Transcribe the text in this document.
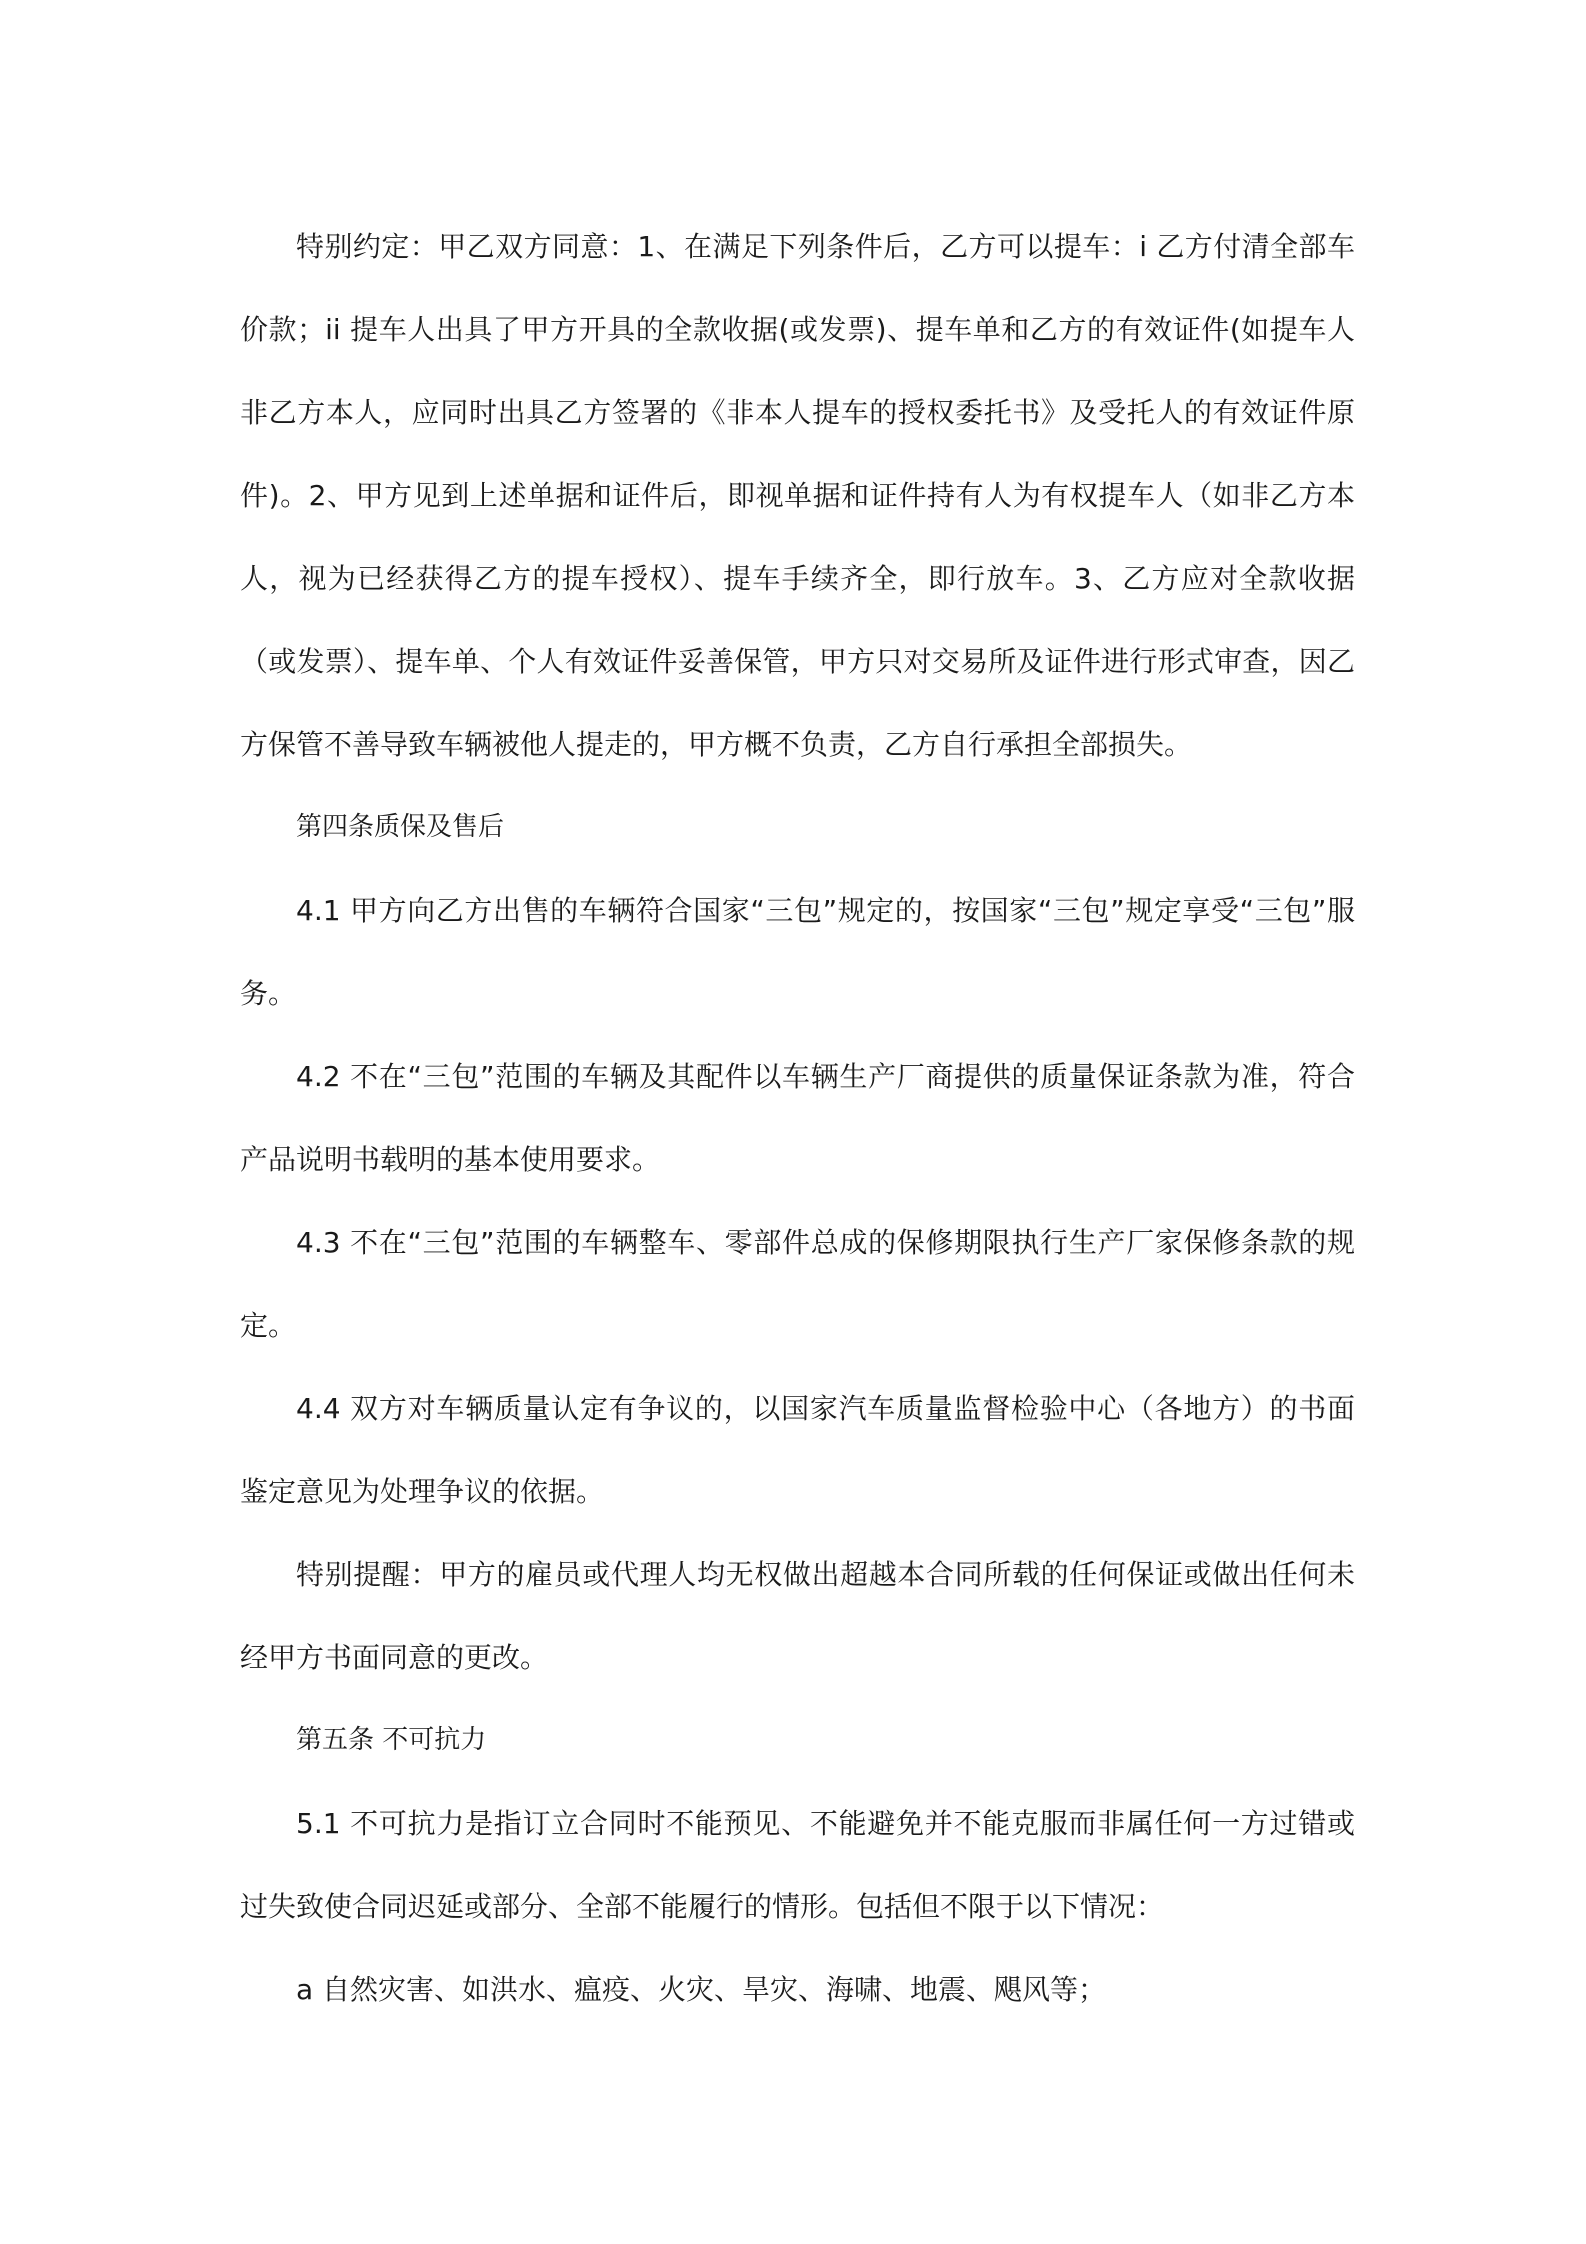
特别约定：甲乙双方同意：1、在满足下列条件后，乙方可以提车：i 乙方付清全部车价款；ii 提车人出具了甲方开具的全款收据(或发票)、提车单和乙方的有效证件(如提车人非乙方本人，应同时出具乙方签署的《非本人提车的授权委托书》及受托人的有效证件原件)。2、甲方见到上述单据和证件后，即视单据和证件持有人为有权提车人（如非乙方本人，视为已经获得乙方的提车授权）、提车手续齐全，即行放车。3、乙方应对全款收据（或发票）、提车单、个人有效证件妥善保管，甲方只对交易所及证件进行形式审查，因乙方保管不善导致车辆被他人提走的，甲方概不负责，乙方自行承担全部损失。

第四条质保及售后

4.1 甲方向乙方出售的车辆符合国家“三包”规定的，按国家“三包”规定享受“三包”服务。

4.2 不在“三包”范围的车辆及其配件以车辆生产厂商提供的质量保证条款为准，符合产品说明书载明的基本使用要求。

4.3 不在“三包”范围的车辆整车、零部件总成的保修期限执行生产厂家保修条款的规定。

4.4 双方对车辆质量认定有争议的，以国家汽车质量监督检验中心（各地方）的书面鉴定意见为处理争议的依据。

特别提醒：甲方的雇员或代理人均无权做出超越本合同所载的任何保证或做出任何未经甲方书面同意的更改。

第五条 不可抗力

5.1 不可抗力是指订立合同时不能预见、不能避免并不能克服而非属任何一方过错或过失致使合同迟延或部分、全部不能履行的情形。包括但不限于以下情况：

a 自然灾害、如洪水、瘟疫、火灾、旱灾、海啸、地震、飓风等；
